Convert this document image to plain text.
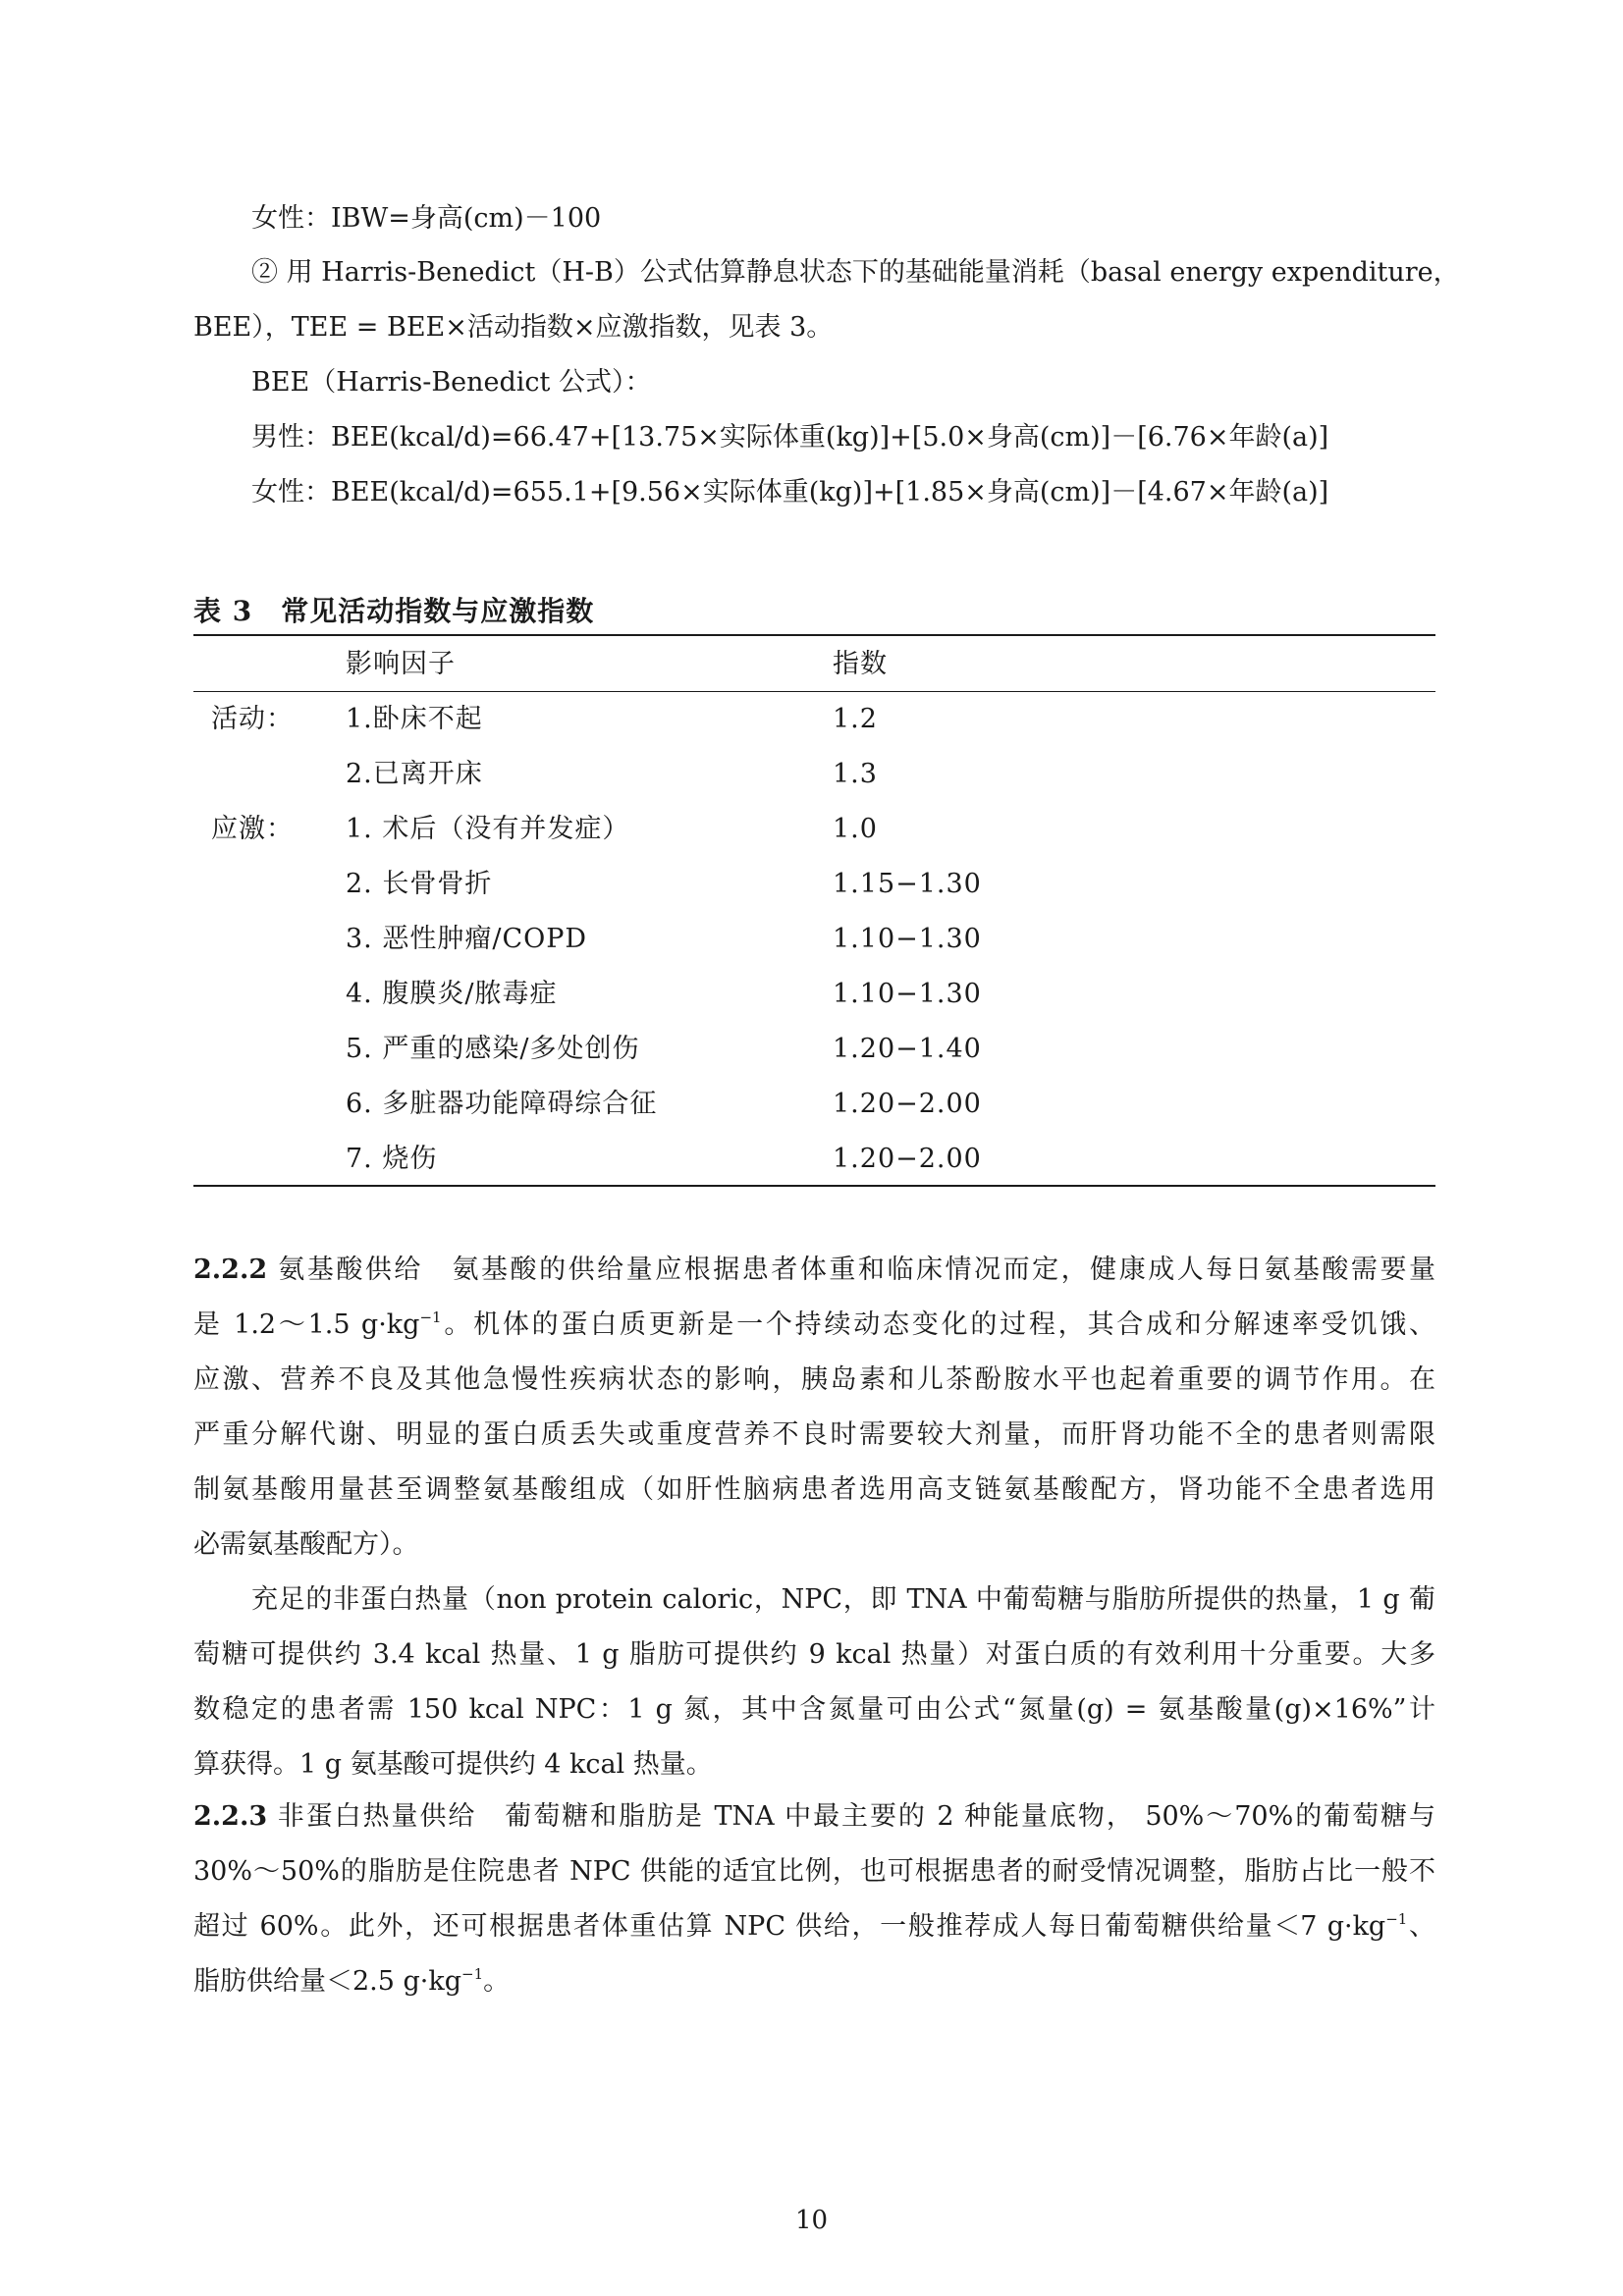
女性：IBW=身高(cm)－100
② 用 Harris-Benedict（H-B）公式估算静息状态下的基础能量消耗（basal energy expenditure，
BEE），TEE = BEE×活动指数×应激指数，见表 3。
BEE（Harris-Benedict 公式）：
男性：BEE(kcal/d)=66.47+[13.75×实际体重(kg)]+[5.0×身高(cm)]－[6.76×年龄(a)]
女性：BEE(kcal/d)=655.1+[9.56×实际体重(kg)]+[1.85×身高(cm)]－[4.67×年龄(a)]
表 3　常见活动指数与应激指数
影响因子	指数
活动： 1.卧床不起	1.2
2.已离开床	1.3
应激： 1. 术后（没有并发症）	1.0
2. 长骨骨折	1.15−1.30
3. 恶性肿瘤/COPD	1.10−1.30
4. 腹膜炎/脓毒症	1.10−1.30
5. 严重的感染/多处创伤	1.20−1.40
6. 多脏器功能障碍综合征	1.20−2.00
7. 烧伤	1.20−2.00
2.2.2 氨基酸供给　氨基酸的供给量应根据患者体重和临床情况而定，健康成人每日氨基酸需要量
是 1.2～1.5 $g\cdot kg^{-1}$。机体的蛋白质更新是一个持续动态变化的过程，其合成和分解速率受饥饿、
应激、营养不良及其他急慢性疾病状态的影响，胰岛素和儿茶酚胺水平也起着重要的调节作用。在
严重分解代谢、明显的蛋白质丢失或重度营养不良时需要较大剂量，而肝肾功能不全的患者则需限
制氨基酸用量甚至调整氨基酸组成（如肝性脑病患者选用高支链氨基酸配方，肾功能不全患者选用
必需氨基酸配方）。
充足的非蛋白热量（non protein caloric，NPC，即 TNA 中葡萄糖与脂肪所提供的热量，1 g 葡
萄糖可提供约 3.4 kcal 热量、1 g 脂肪可提供约 9 kcal 热量）对蛋白质的有效利用十分重要。大多
数稳定的患者需 150 kcal NPC：1 g 氮，其中含氮量可由公式“氮量(g) = 氨基酸量(g)×16%”计
算获得。1 g 氨基酸可提供约 4 kcal 热量。
2.2.3 非蛋白热量供给　葡萄糖和脂肪是 TNA 中最主要的 2 种能量底物， 50%～70%的葡萄糖与
30%～50%的脂肪是住院患者 NPC 供能的适宜比例，也可根据患者的耐受情况调整，脂肪占比一般不
超过 60%。此外，还可根据患者体重估算 NPC 供给，一般推荐成人每日葡萄糖供给量＜7 $g\cdot kg^{-1}$、
脂肪供给量＜2.5 $g\cdot kg^{-1}$。
10
